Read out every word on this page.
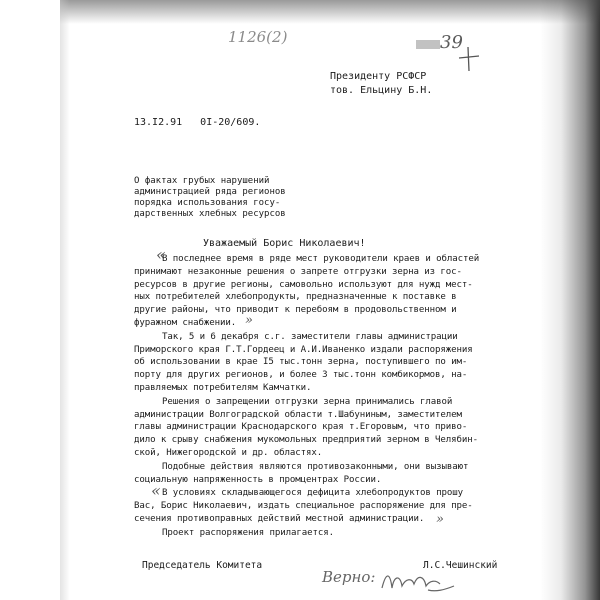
1126(2)	39
Президенту РСФСР
тов. Ельцину Б.Н.
13.I2.91 0I-20/609.
О фактах грубых нарушений
администрацией ряда регионов
порядка использования госу-
дарственных хлебных ресурсов
Уважаемый Борис Николаевич!
«
»
«
»

В последнее время в ряде мест руководители краев и областей
принимают незаконные решения о запрете отгрузки зерна из гос-
ресурсов в другие регионы, самовольно используют для нужд мест-
ных потребителей хлебопродукты, предназначенные к поставке в
другие районы, что приводит к перебоям в продовольственном и
фуражном снабжении.

Так, 5 и 6 декабря с.г. заместители главы администрации
Приморского края Г.Т.Гордеец и А.И.Иваненко издали распоряжения
об использовании в крае I5 тыс.тонн зерна, поступившего по им-
порту для других регионов, и более 3 тыс.тонн комбикормов, на-
правляемых потребителям Камчатки.

Решения о запрещении отгрузки зерна принимались главой
администрации Волгоградской области т.Шабуниным, заместителем
главы администрации Краснодарского края т.Егоровым, что приво-
дило к срыву снабжения мукомольных предприятий зерном в Челябин-
ской, Нижегородской и др. областях.

Подобные действия являются противозаконными, они вызывают
социальную напряженность в промцентрах России.

В условиях складывающегося дефицита хлебопродуктов прошу
Вас, Борис Николаевич, издать специальное распоряжение для пре-
сечения противоправных действий местной администрации.

Проект распоряжения прилагается.

Председатель Комитета	Л.С.Чешинский
Верно:
